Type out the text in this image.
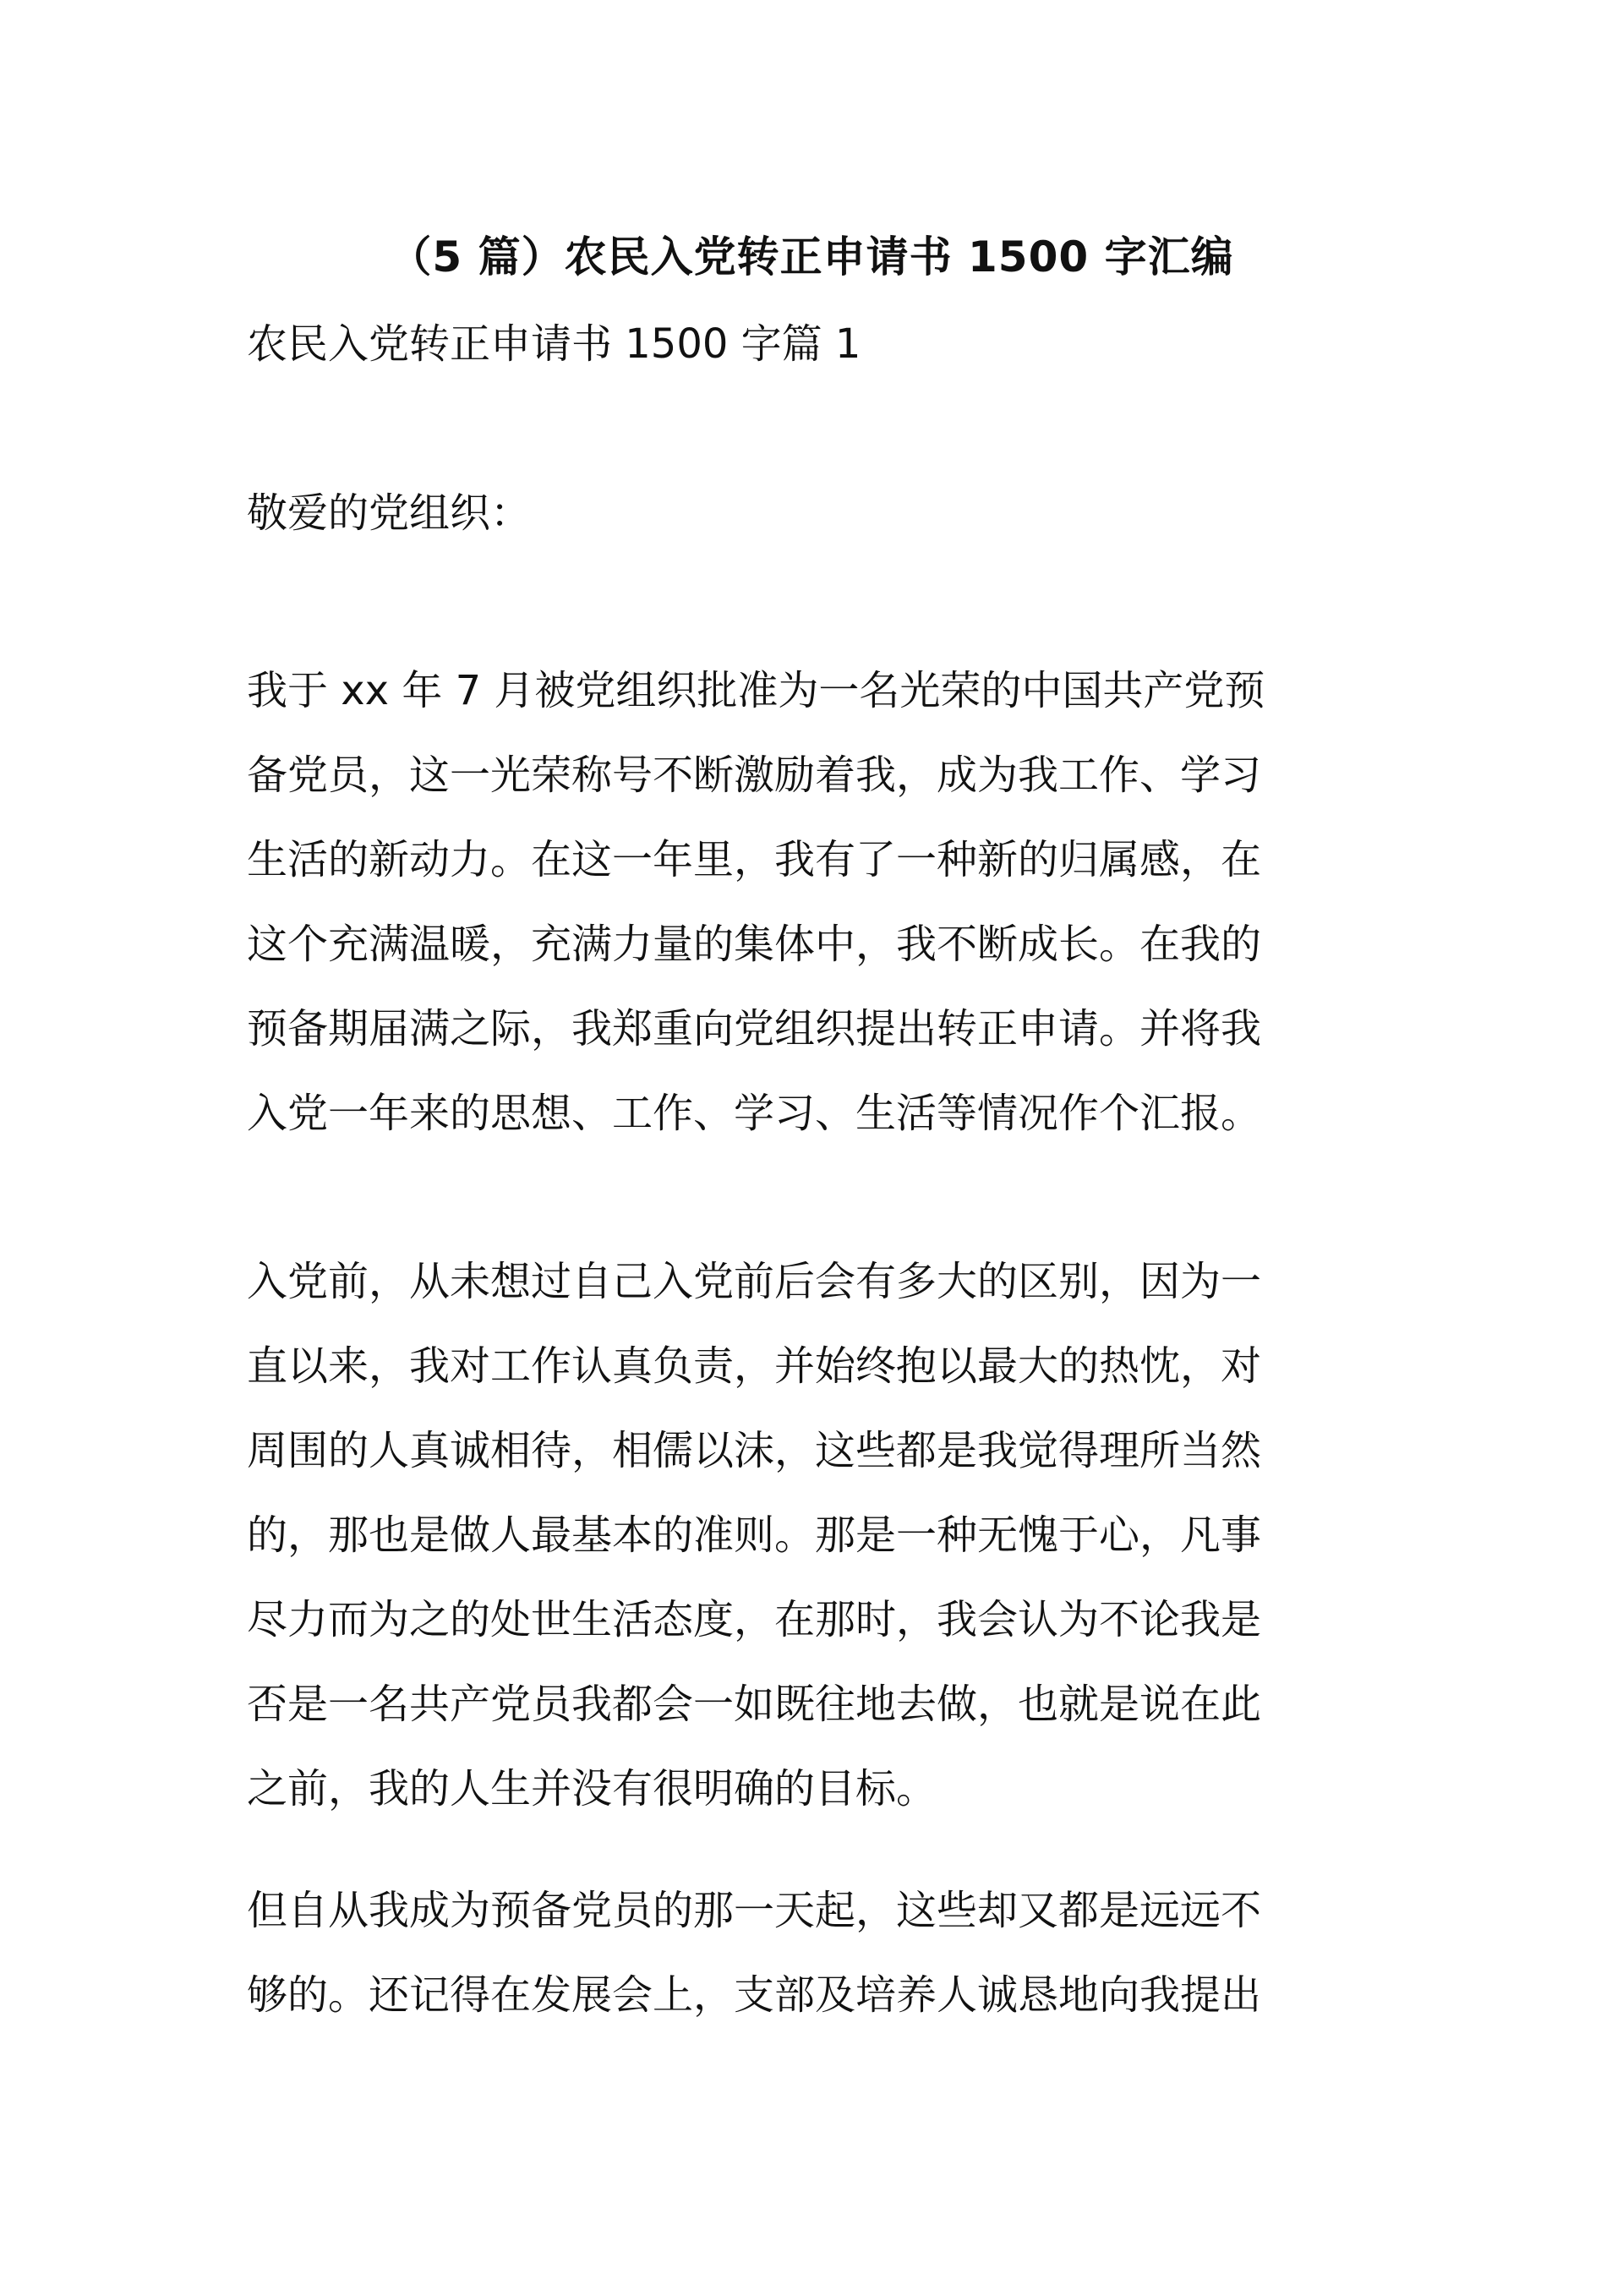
（5 篇）农民入党转正申请书 1500 字汇编

农民入党转正申请书 1500 字篇 1

敬爱的党组织：

我于 xx 年 7 月被党组织批准为一名光荣的中国共产党预
备党员，这一光荣称号不断激励着我，成为我工作、学习
生活的新动力。在这一年里，我有了一种新的归属感，在
这个充满温暖，充满力量的集体中，我不断成长。在我的
预备期届满之际，我郑重向党组织提出转正申请。并将我
入党一年来的思想、工作、学习、生活等情况作个汇报。
入党前，从未想过自己入党前后会有多大的区别，因为一
直以来，我对工作认真负责，并始终抱以最大的热忱，对
周围的人真诚相待，相儒以沫，这些都是我觉得理所当然
的，那也是做人最基本的准则。那是一种无愧于心，凡事
尽力而为之的处世生活态度，在那时，我会认为不论我是
否是一名共产党员我都会一如既往地去做，也就是说在此
之前，我的人生并没有很明确的目标。
但自从我成为预备党员的那一天起，这些却又都是远远不
够的。还记得在发展会上，支部及培养人诚恳地向我提出
